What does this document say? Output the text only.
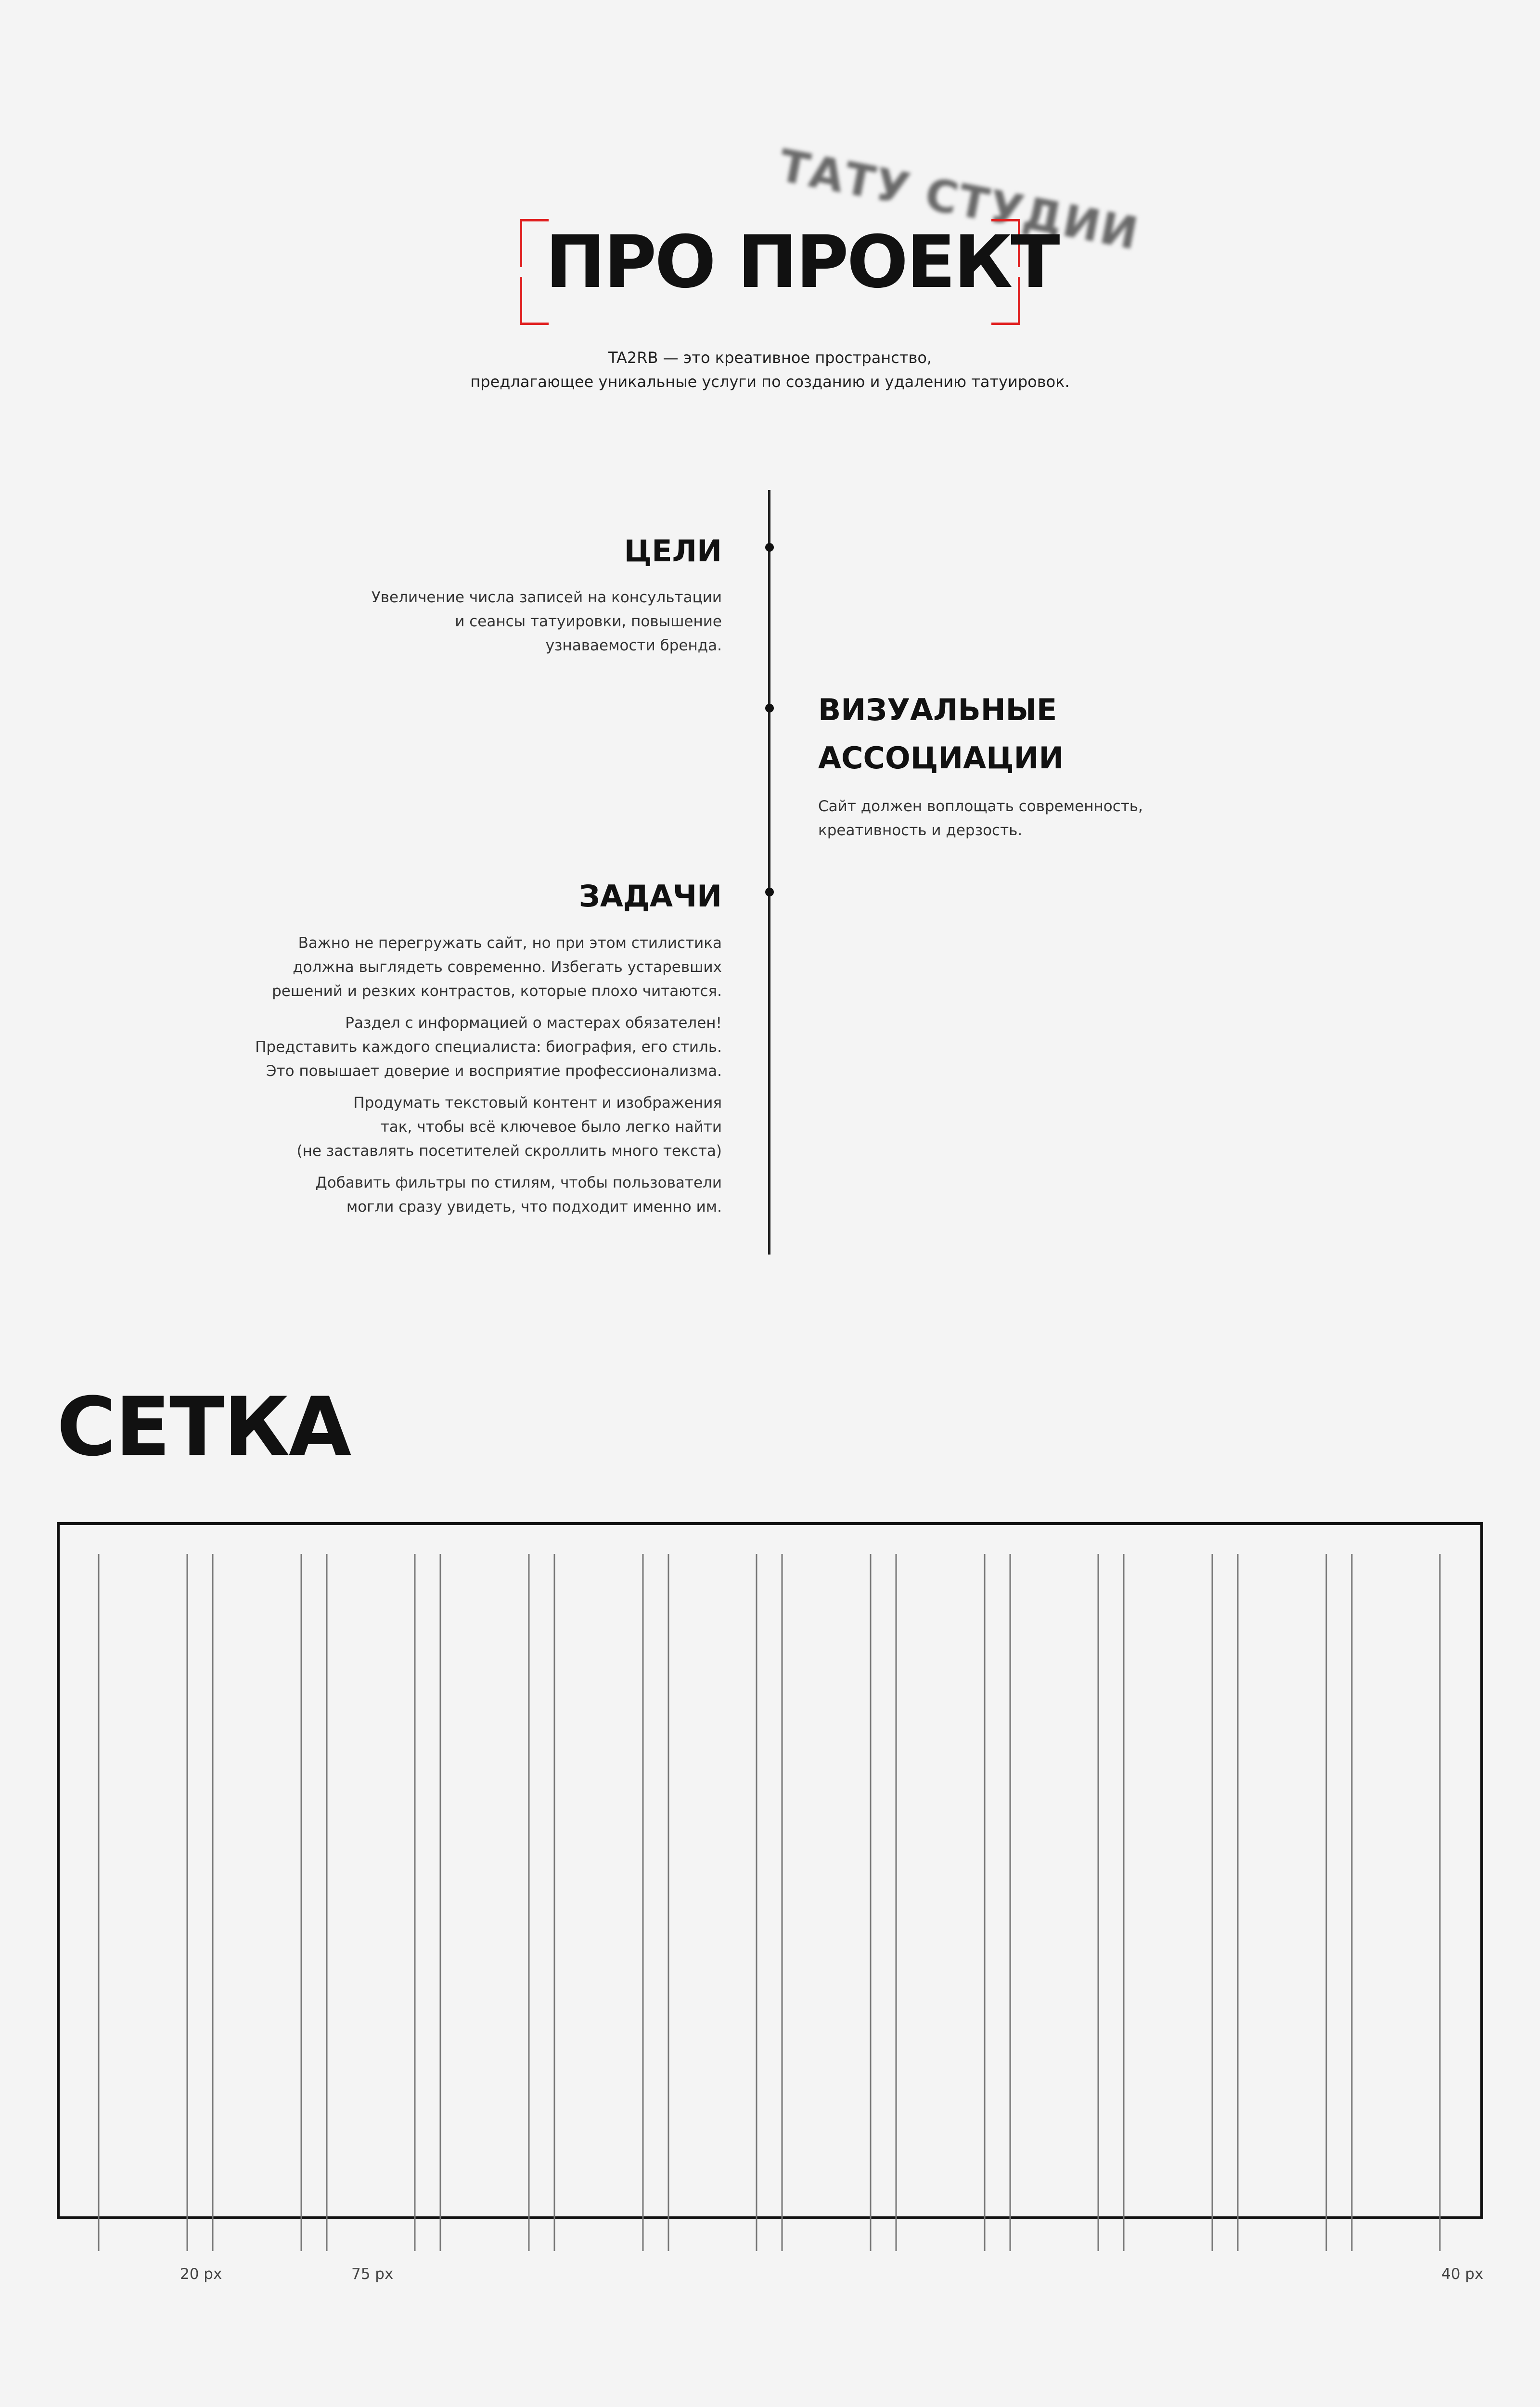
ТАТУ СТУДИИ
ПРО ПРОЕКТ
TA2RB — это креативное пространство,
предлагающее уникальные услуги по созданию и удалению татуировок.
ЦЕЛИ
Увеличение числа записей на консультации
и сеансы татуировки, повышение
узнаваемости бренда.
ВИЗУАЛЬНЫЕ
АССОЦИАЦИИ
Сайт должен воплощать современность,
креативность и дерзость.
ЗАДАЧИ

Важно не перегружать сайт, но при этом стилистика
должна выглядеть современно. Избегать устаревших
решений и резких контрастов, которые плохо читаются.

Раздел с информацией о мастерах обязателен!
Представить каждого специалиста: биография, его стиль.
Это повышает доверие и восприятие профессионализма.

Продумать текстовый контент и изображения
так, чтобы всё ключевое было легко найти
(не заставлять посетителей скроллить много текста)

Добавить фильтры по стилям, чтобы пользователи
могли сразу увидеть, что подходит именно им.

СЕТКА
20 px	75 px	40 px
